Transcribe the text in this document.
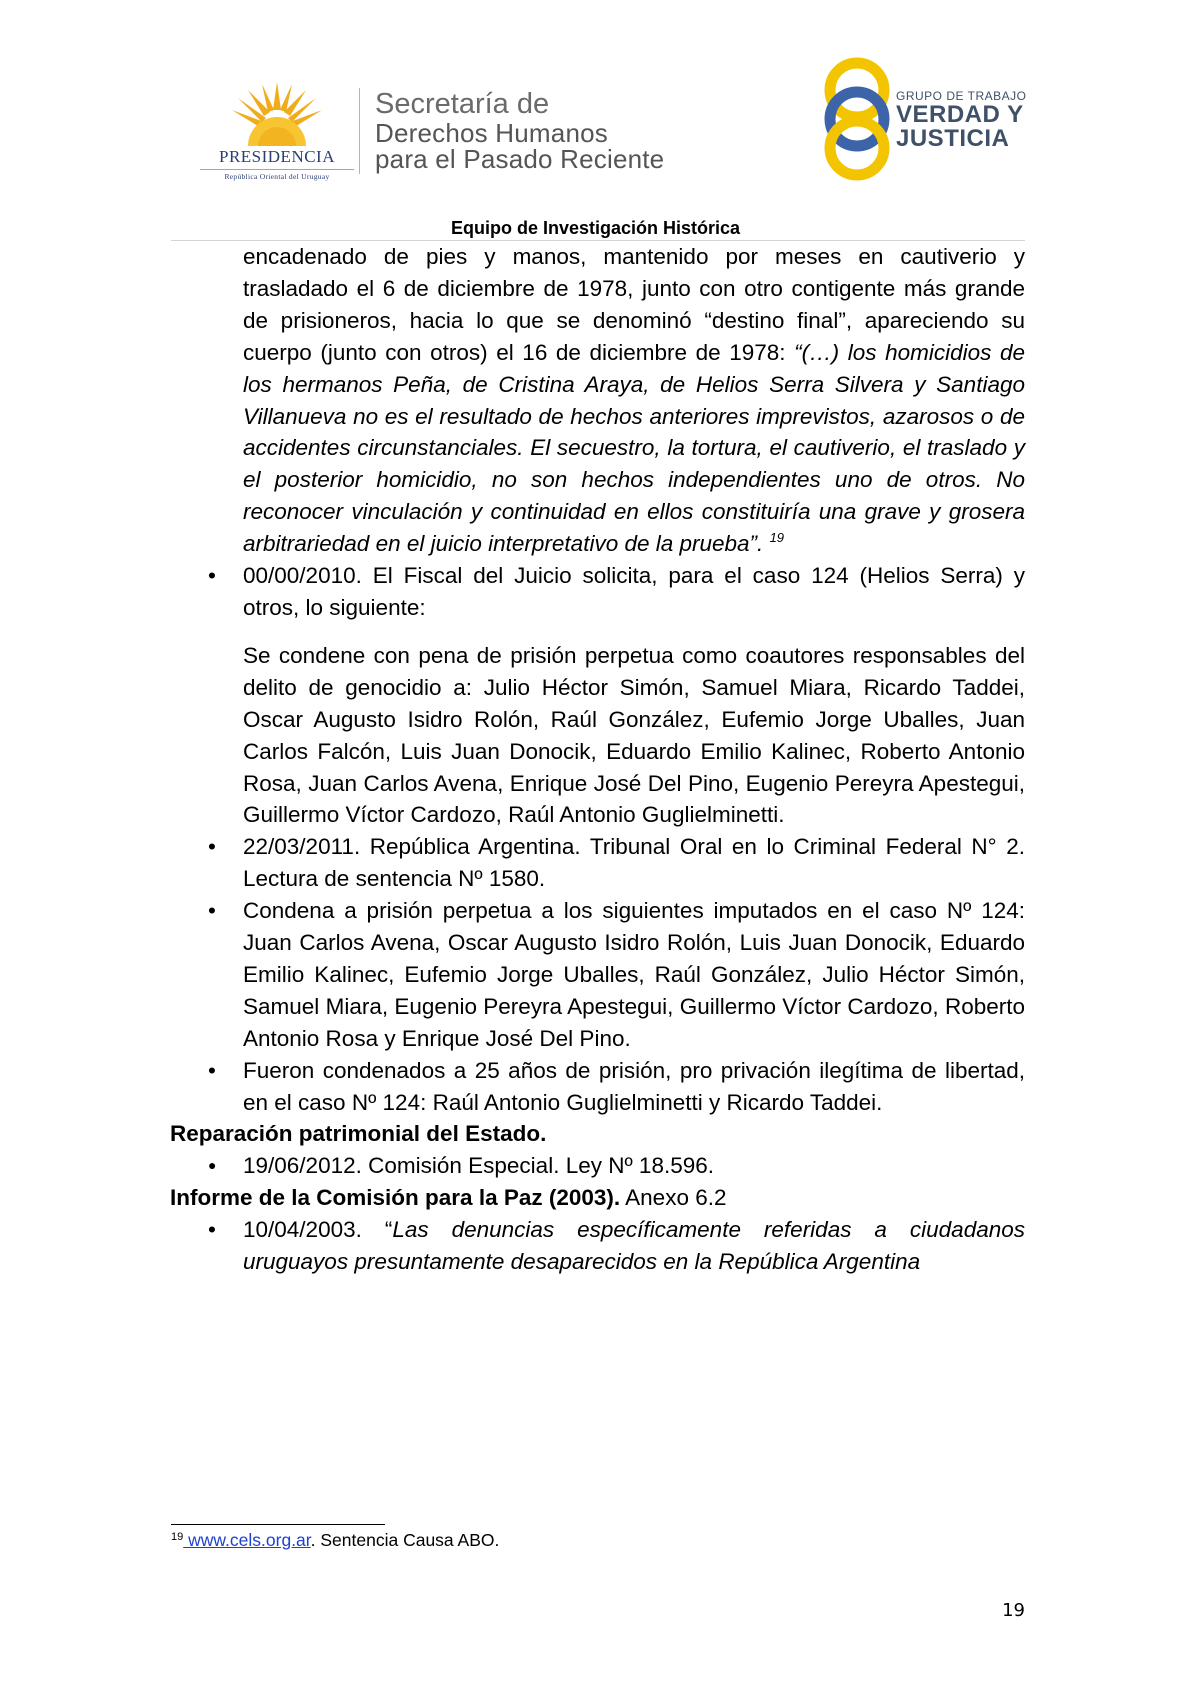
PRESIDENCIA
República Oriental del Uruguay
Secretaría de
Derechos Humanos
para el Pasado Reciente
GRUPO DE TRABAJO
VERDAD Y
JUSTICIA
Equipo de Investigación Histórica

encadenado de pies y manos, mantenido por meses en cautiverio y trasladado el 6 de diciembre de 1978, junto con otro contigente más grande de prisioneros, hacia lo que se denominó “destino final”, apareciendo su cuerpo (junto con otros) el 16 de diciembre de 1978: “(…) los homicidios de los hermanos Peña, de Cristina Araya, de Helios Serra Silvera y Santiago Villanueva no es el resultado de hechos anteriores imprevistos, azarosos o de accidentes circunstanciales. El secuestro, la tortura, el cautiverio, el traslado y el posterior homicidio, no son hechos independientes uno de otros. No reconocer vinculación y continuidad en ellos constituiría una grave y grosera arbitrariedad en el juicio interpretativo de la prueba”. $^{19}$

• 00/00/2010. El Fiscal del Juicio solicita, para el caso 124 (Helios Serra) y otros, lo siguiente:

Se condene con pena de prisión perpetua como coautores responsables del delito de genocidio a: Julio Héctor Simón, Samuel Miara, Ricardo Taddei, Oscar Augusto Isidro Rolón, Raúl González, Eufemio Jorge Uballes, Juan Carlos Falcón, Luis Juan Donocik, Eduardo Emilio Kalinec, Roberto Antonio Rosa, Juan Carlos Avena, Enrique José Del Pino, Eugenio Pereyra Apestegui, Guillermo Víctor Cardozo, Raúl Antonio Guglielminetti.

• 22/03/2011. República Argentina. Tribunal Oral en lo Criminal Federal N° 2. Lectura de sentencia Nº 1580.

• Condena a prisión perpetua a los siguientes imputados en el caso Nº 124: Juan Carlos Avena, Oscar Augusto Isidro Rolón, Luis Juan Donocik, Eduardo Emilio Kalinec, Eufemio Jorge Uballes, Raúl González, Julio Héctor Simón, Samuel Miara, Eugenio Pereyra Apestegui, Guillermo Víctor Cardozo, Roberto Antonio Rosa y Enrique José Del Pino.

• Fueron condenados a 25 años de prisión, pro privación ilegítima de libertad, en el caso Nº 124: Raúl Antonio Guglielminetti y Ricardo Taddei.

Reparación patrimonial del Estado.

● 19/06/2012. Comisión Especial. Ley Nº 18.596.

Informe de la Comisión para la Paz (2003). Anexo 6.2

• 10/04/2003. “Las denuncias específicamente referidas a ciudadanos uruguayos presuntamente desaparecidos en la República Argentina

$^{19}$ www.cels.org.ar. Sentencia Causa ABO.
19
